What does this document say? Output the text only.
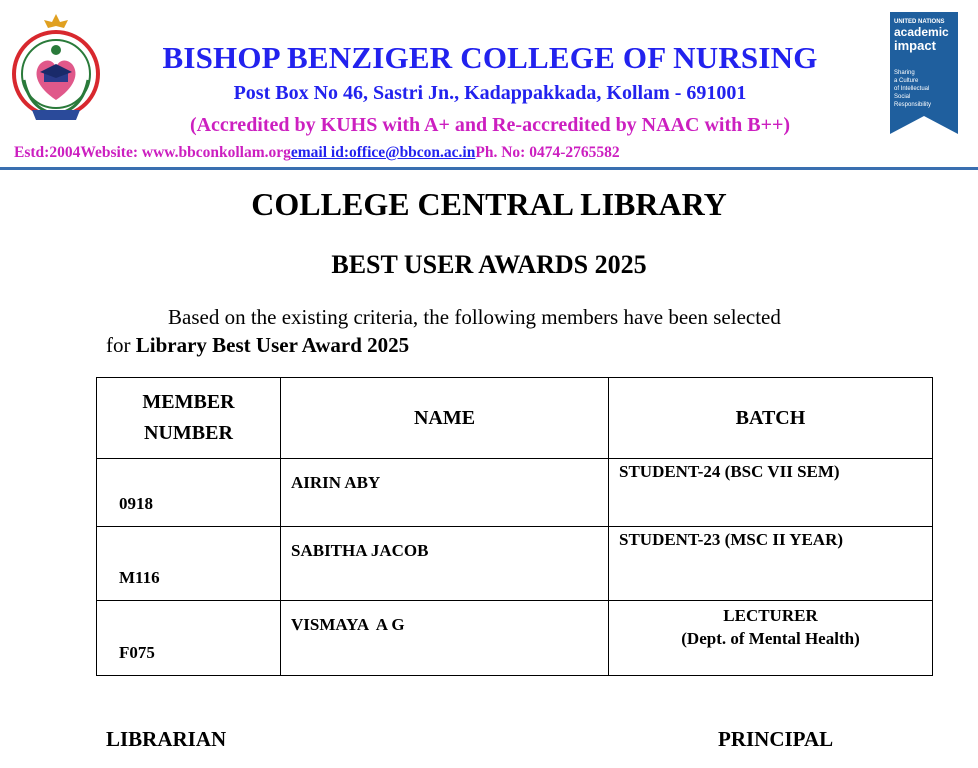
UNITED NATIONS
academic
impact
Sharing
a Culture
of Intellectual
Social
Responsibility
BISHOP BENZIGER COLLEGE OF NURSING
Post Box No 46, Sastri Jn., Kadappakkada, Kollam - 691001
(Accredited by KUHS with A+ and Re-accredited by NAAC with B++)
Estd:2004Website: www.bbconkollam.orgemail id:office@bbcon.ac.inPh. No: 0474-2765582
COLLEGE CENTRAL LIBRARY
BEST USER AWARDS 2025
Based on the existing criteria, the following members have been selected
for Library Best User Award 2025
MEMBER
NUMBER	NAME	BATCH

0918	AIRIN ABY	STUDENT-24 (BSC VII SEM)

M116	SABITHA JACOB	STUDENT-23 (MSC II YEAR)

F075	VISMAYA  A G	LECTURER
(Dept. of Mental Health)
LIBRARIAN	PRINCIPAL
